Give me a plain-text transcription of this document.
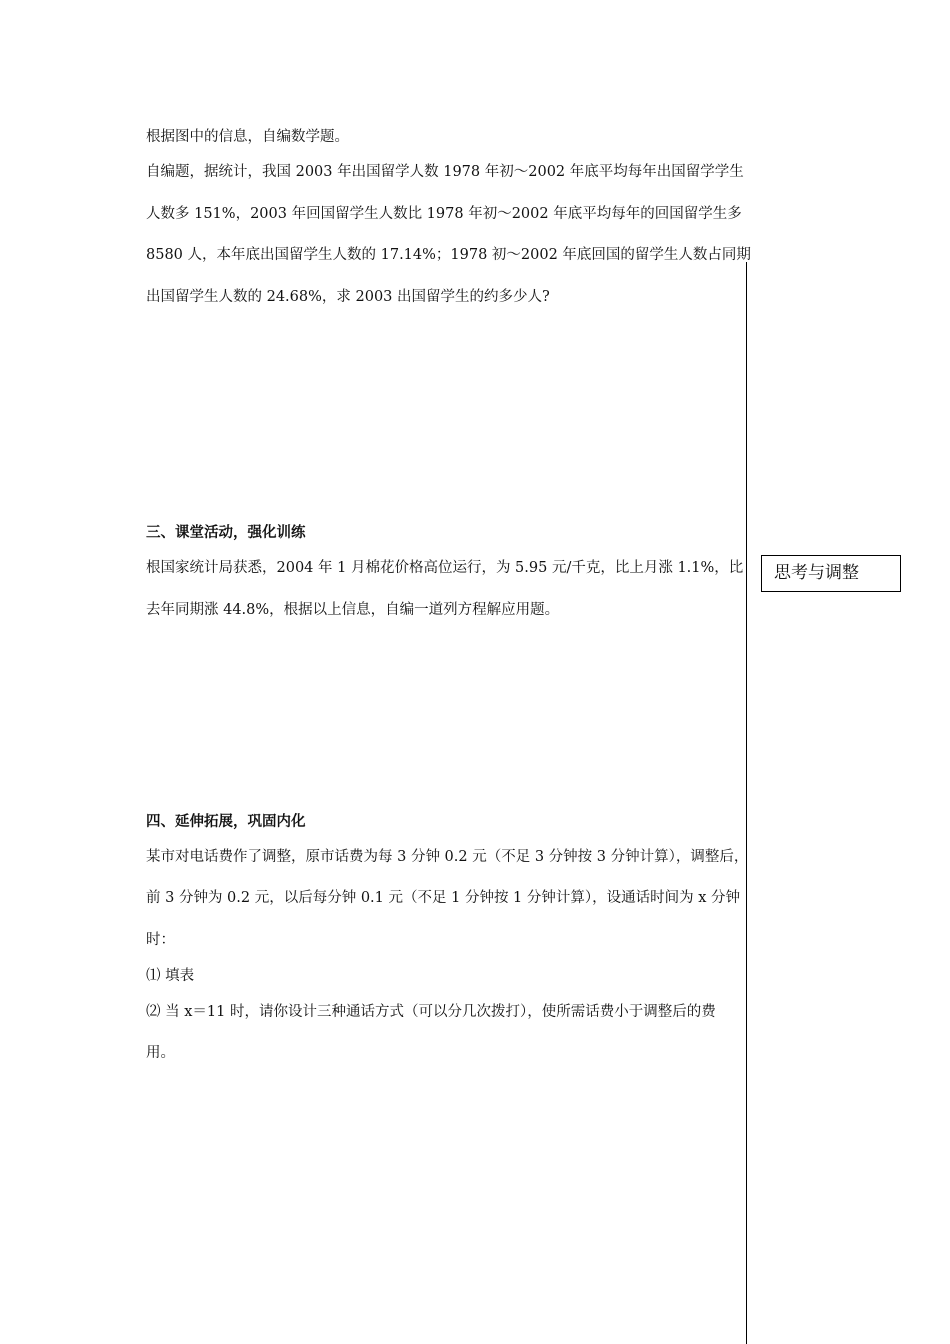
根据图中的信息，自编数学题。
自编题，据统计，我国 2003 年出国留学人数 1978 年初～2002 年底平均每年出国留学学生
人数多 151%，2003 年回国留学生人数比 1978 年初～2002 年底平均每年的回国留学生多
8580 人，本年底出国留学生人数的 17.14%；1978 初～2002 年底回国的留学生人数占同期
出国留学生人数的 24.68%，求 2003 出国留学生的约多少人?
三、课堂活动，强化训练
根国家统计局获悉，2004 年 1 月棉花价格高位运行，为 5.95 元/千克，比上月涨 1.1%，比
去年同期涨 44.8%，根据以上信息，自编一道列方程解应用题。
四、延伸拓展，巩固内化
某市对电话费作了调整，原市话费为每 3 分钟 0.2 元（不足 3 分钟按 3 分钟计算），调整后，
前 3 分钟为 0.2 元，以后每分钟 0.1 元（不足 1 分钟按 1 分钟计算），设通话时间为 x 分钟
时：
⑴ 填表
⑵ 当 x＝11 时，请你设计三种通话方式（可以分几次拨打），使所需话费小于调整后的费
用。
思考与调整
